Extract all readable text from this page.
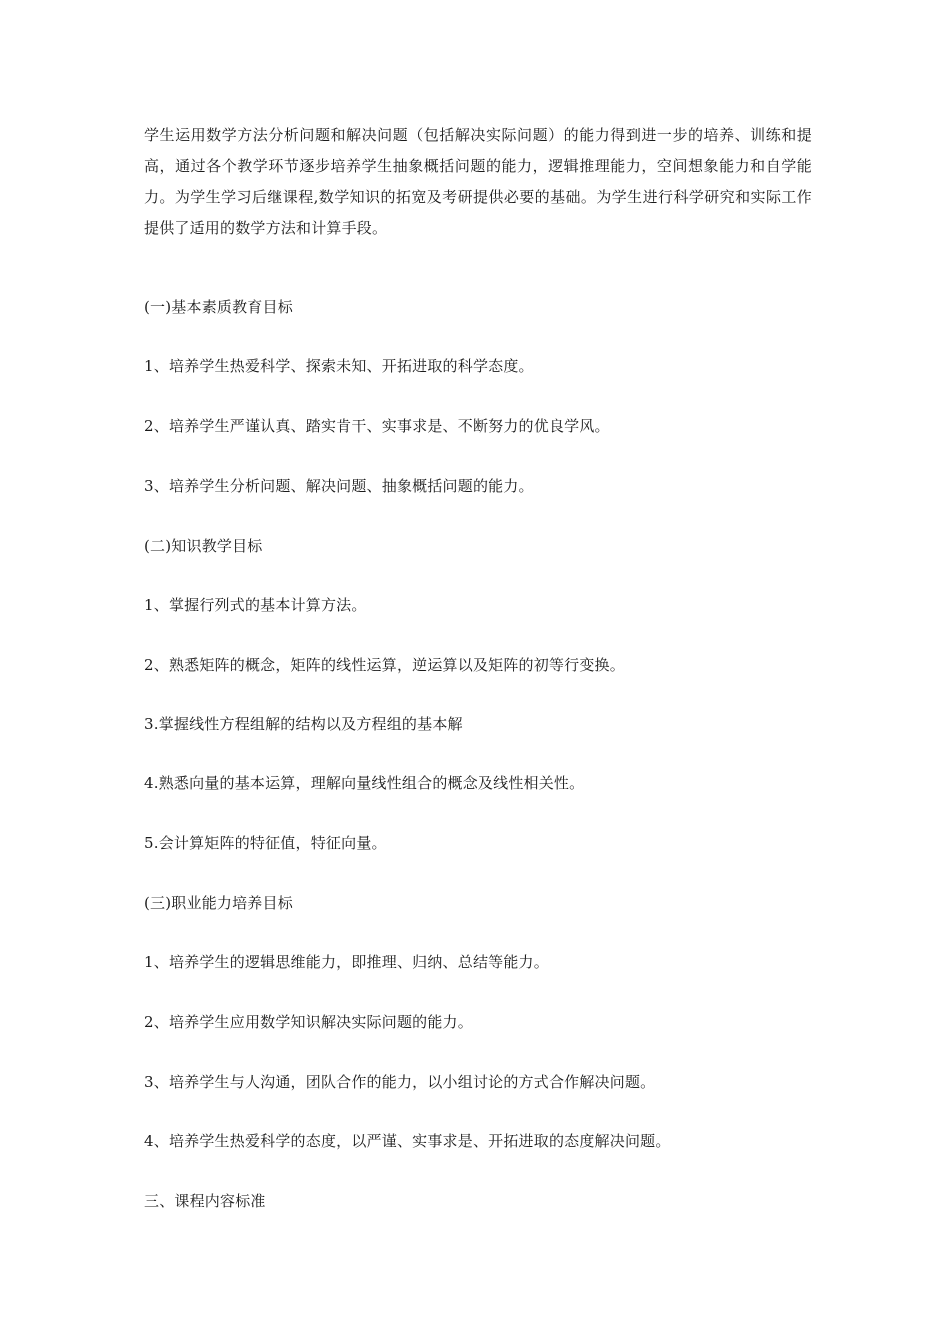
学生运用数学方法分析问题和解决问题（包括解决实际问题）的能力得到进一步的培养、训练和提高，通过各个教学环节逐步培养学生抽象概括问题的能力，逻辑推理能力，空间想象能力和自学能力。为学生学习后继课程,数学知识的拓宽及考研提供必要的基础。为学生进行科学研究和实际工作提供了适用的数学方法和计算手段。

(一)基本素质教育目标

1、培养学生热爱科学、探索未知、开拓进取的科学态度。

2、培养学生严谨认真、踏实肯干、实事求是、不断努力的优良学风。

3、培养学生分析问题、解决问题、抽象概括问题的能力。

(二)知识教学目标

1、掌握行列式的基本计算方法。

2、熟悉矩阵的概念，矩阵的线性运算，逆运算以及矩阵的初等行变换。

3.掌握线性方程组解的结构以及方程组的基本解

4.熟悉向量的基本运算，理解向量线性组合的概念及线性相关性。

5.会计算矩阵的特征值，特征向量。

(三)职业能力培养目标

1、培养学生的逻辑思维能力，即推理、归纳、总结等能力。

2、培养学生应用数学知识解决实际问题的能力。

3、培养学生与人沟通，团队合作的能力，以小组讨论的方式合作解决问题。

4、培养学生热爱科学的态度，以严谨、实事求是、开拓进取的态度解决问题。

三、课程内容标准
